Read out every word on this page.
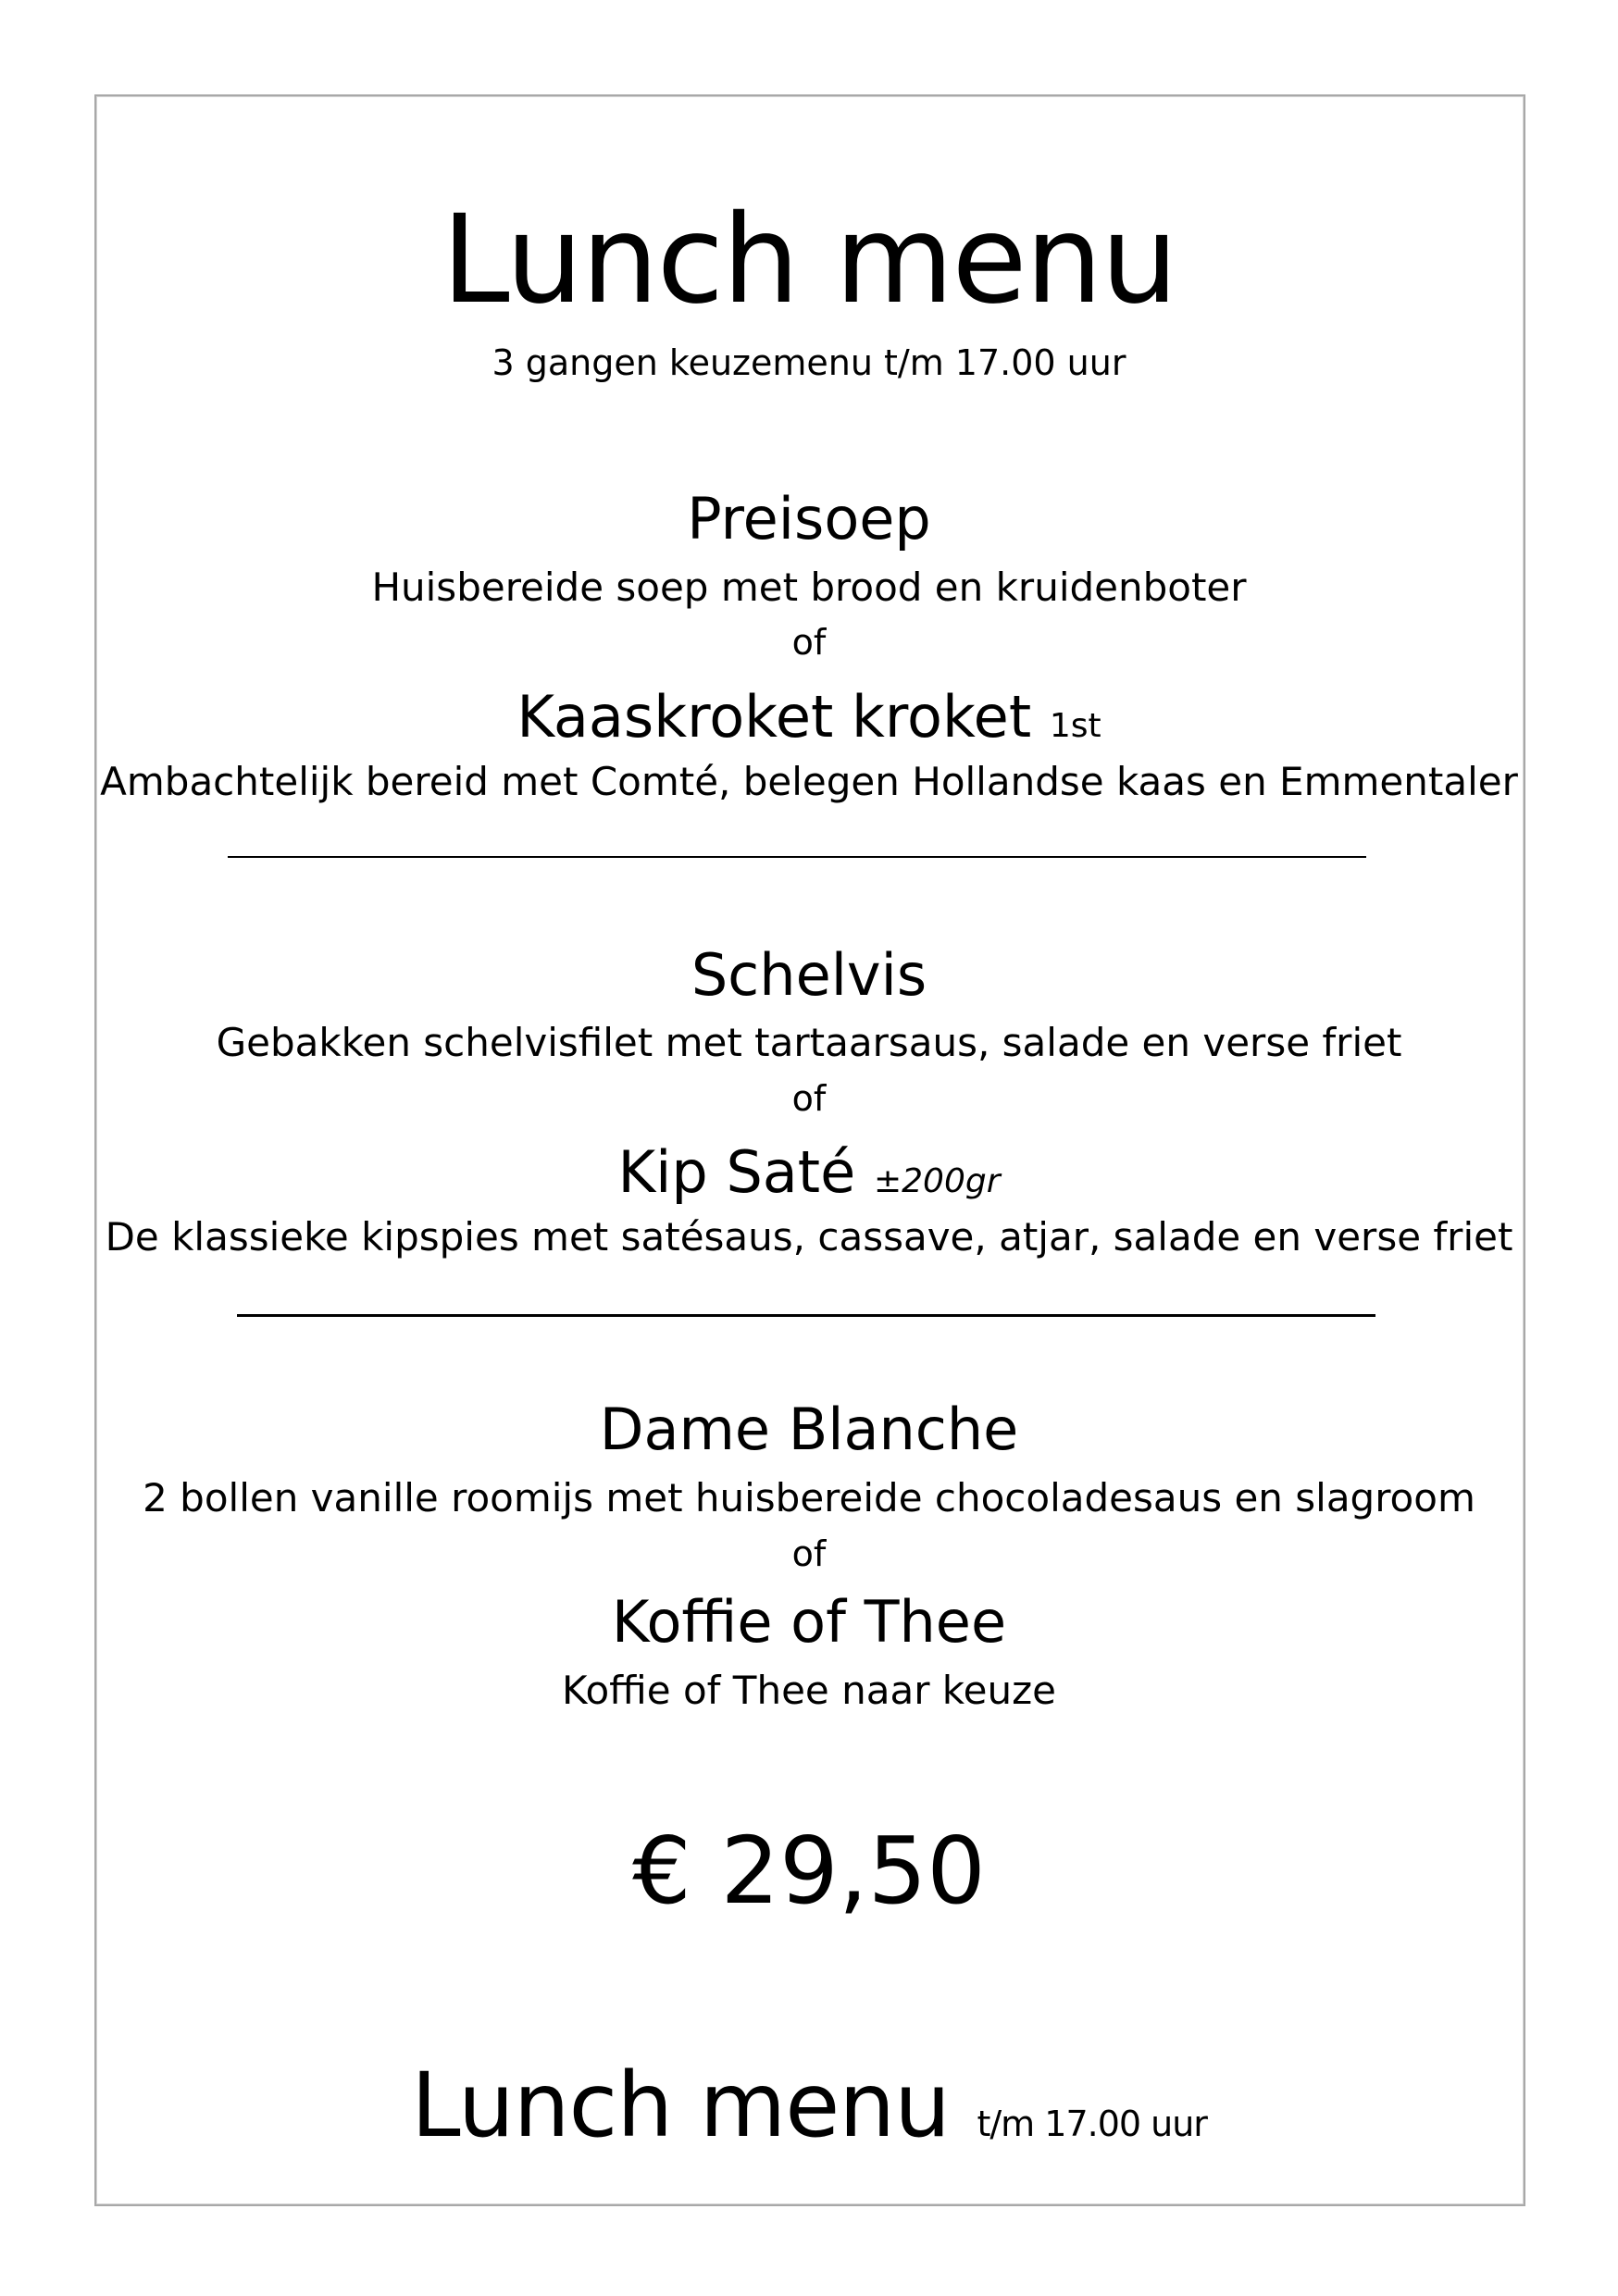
Lunch menu
3 gangen keuzemenu t/m 17.00 uur
Preisoep
Huisbereide soep met brood en kruidenboter
of
Kaaskroket kroket 1st
Ambachtelijk bereid met Comté, belegen Hollandse kaas en Emmentaler
Schelvis
Gebakken schelvisfilet met tartaarsaus, salade en verse friet
of
Kip Saté ±200gr
De klassieke kipspies met satésaus, cassave, atjar, salade en verse friet
Dame Blanche
2 bollen vanille roomijs met huisbereide chocoladesaus en slagroom
of
Koffie of Thee
Koffie of Thee naar keuze
€ 29,50
Lunch menu t/m 17.00 uur
